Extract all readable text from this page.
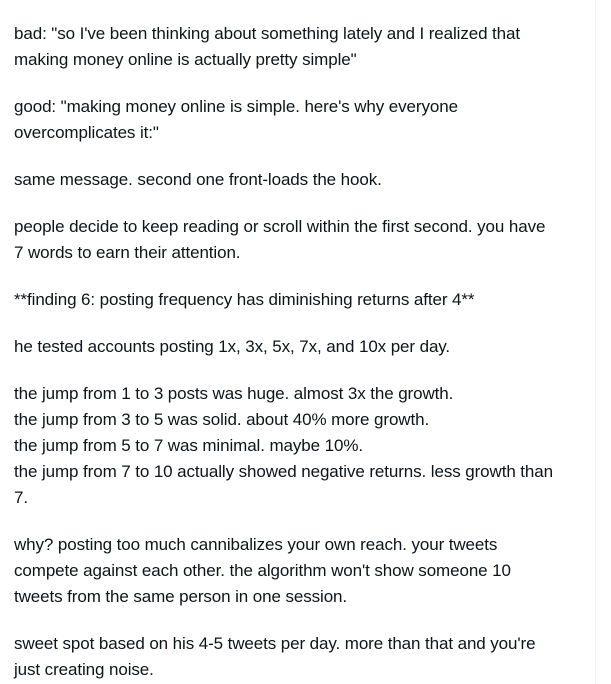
bad: "so I've been thinking about something lately and I realized that
making money online is actually pretty simple"
good: "making money online is simple. here's why everyone
overcomplicates it:"
same message. second one front-loads the hook.
people decide to keep reading or scroll within the first second. you have
7 words to earn their attention.
**finding 6: posting frequency has diminishing returns after 4**
he tested accounts posting 1x, 3x, 5x, 7x, and 10x per day.
the jump from 1 to 3 posts was huge. almost 3x the growth.
the jump from 3 to 5 was solid. about 40% more growth.
the jump from 5 to 7 was minimal. maybe 10%.
the jump from 7 to 10 actually showed negative returns. less growth than
7.
why? posting too much cannibalizes your own reach. your tweets
compete against each other. the algorithm won't show someone 10
tweets from the same person in one session.
sweet spot based on his 4-5 tweets per day. more than that and you're
just creating noise.
